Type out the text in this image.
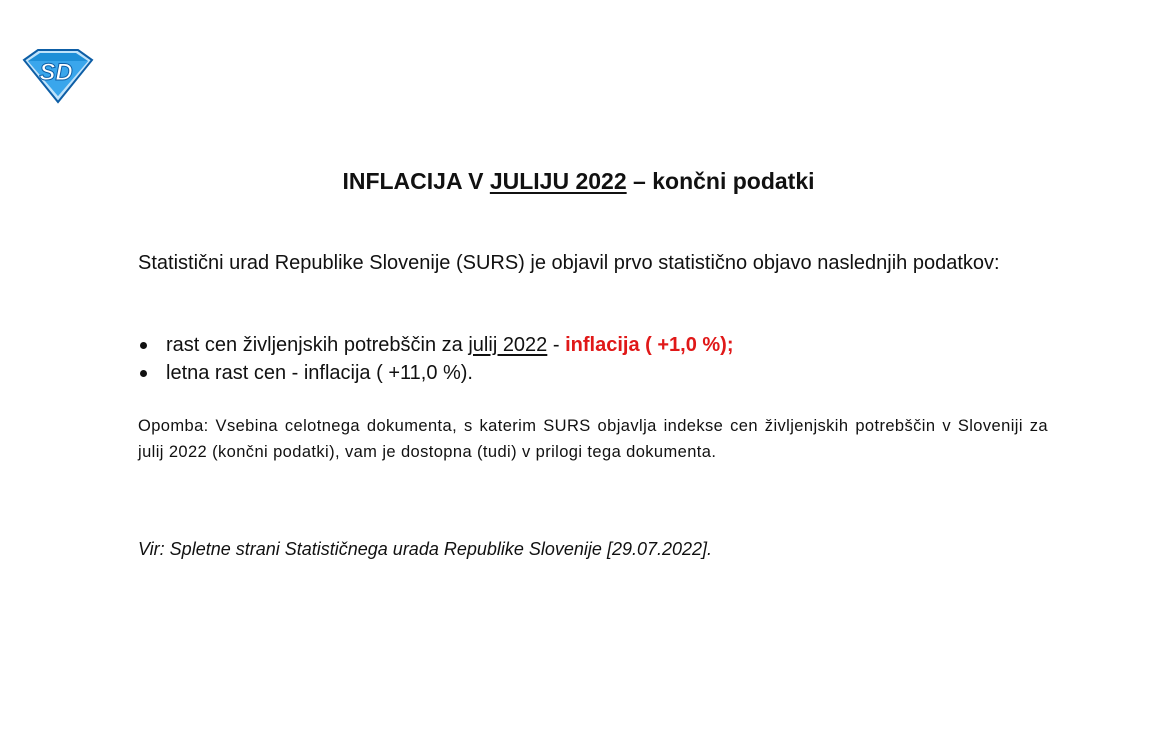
SD
INFLACIJA V JULIJU 2022 – končni podatki

Statistični urad Republike Slovenije (SURS) je objavil prvo statistično objavo naslednjih podatkov:

rast cen življenjskih potrebščin za julij 2022 - inflacija ( +1,0 %);
letna rast cen - inflacija ( +11,0 %).

Opomba: Vsebina celotnega dokumenta, s katerim SURS objavlja indekse cen življenjskih potrebščin v Sloveniji za julij 2022 (končni podatki), vam je dostopna (tudi) v prilogi tega dokumenta.

Vir: Spletne strani Statističnega urada Republike Slovenije [29.07.2022].
